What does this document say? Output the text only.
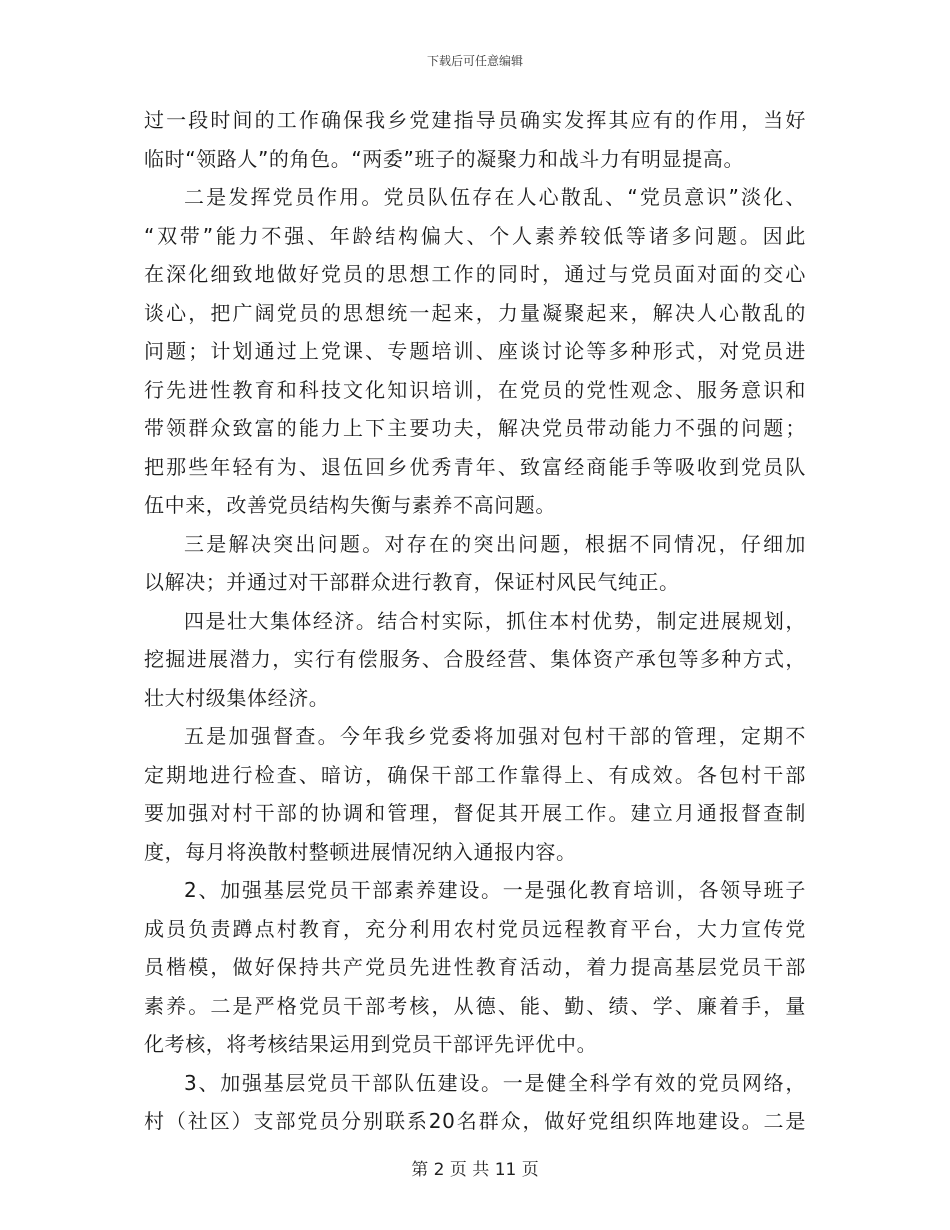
下载后可任意编辑
过一段时间的工作确保我乡党建指导员确实发挥其应有的作用，当好
临时“领路人”的角色。“两委”班子的凝聚力和战斗力有明显提高。
二是发挥党员作用。党员队伍存在人心散乱、“党员意识”淡化、
“双带”能力不强、年龄结构偏大、个人素养较低等诸多问题。因此
在深化细致地做好党员的思想工作的同时，通过与党员面对面的交心
谈心，把广阔党员的思想统一起来，力量凝聚起来，解决人心散乱的
问题；计划通过上党课、专题培训、座谈讨论等多种形式，对党员进
行先进性教育和科技文化知识培训，在党员的党性观念、服务意识和
带领群众致富的能力上下主要功夫，解决党员带动能力不强的问题；
把那些年轻有为、退伍回乡优秀青年、致富经商能手等吸收到党员队
伍中来，改善党员结构失衡与素养不高问题。
三是解决突出问题。对存在的突出问题，根据不同情况，仔细加
以解决；并通过对干部群众进行教育，保证村风民气纯正。
四是壮大集体经济。结合村实际，抓住本村优势，制定进展规划，
挖掘进展潜力，实行有偿服务、合股经营、集体资产承包等多种方式，
壮大村级集体经济。
五是加强督查。今年我乡党委将加强对包村干部的管理，定期不
定期地进行检查、暗访，确保干部工作靠得上、有成效。各包村干部
要加强对村干部的协调和管理，督促其开展工作。建立月通报督查制
度，每月将涣散村整顿进展情况纳入通报内容。
2、加强基层党员干部素养建设。一是强化教育培训，各领导班子
成员负责蹲点村教育，充分利用农村党员远程教育平台，大力宣传党
员楷模，做好保持共产党员先进性教育活动，着力提高基层党员干部
素养。二是严格党员干部考核，从德、能、勤、绩、学、廉着手，量
化考核，将考核结果运用到党员干部评先评优中。
3、加强基层党员干部队伍建设。一是健全科学有效的党员网络，
村（社区）支部党员分别联系20名群众，做好党组织阵地建设。二是
第 2 页 共 11 页
